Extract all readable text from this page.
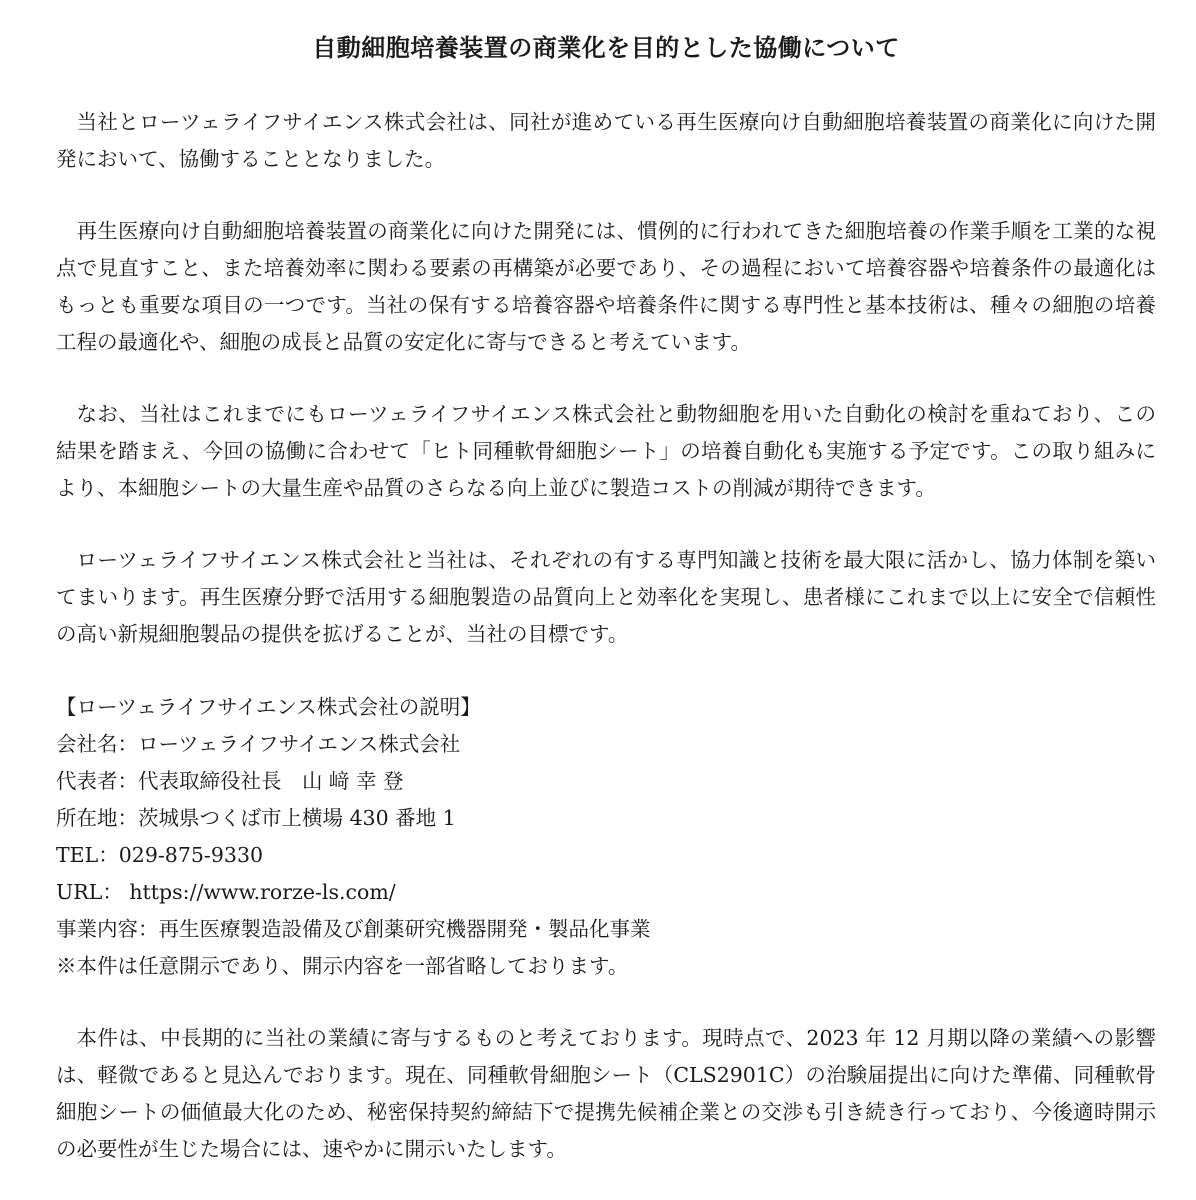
自動細胞培養装置の商業化を目的とした協働について

当社とローツェライフサイエンス株式会社は、同社が進めている再生医療向け自動細胞培養装置の商業化に向けた開発において、協働することとなりました。

再生医療向け自動細胞培養装置の商業化に向けた開発には、慣例的に行われてきた細胞培養の作業手順を工業的な視点で見直すこと、また培養効率に関わる要素の再構築が必要であり、その過程において培養容器や培養条件の最適化はもっとも重要な項目の一つです。当社の保有する培養容器や培養条件に関する専門性と基本技術は、種々の細胞の培養工程の最適化や、細胞の成長と品質の安定化に寄与できると考えています。

なお、当社はこれまでにもローツェライフサイエンス株式会社と動物細胞を用いた自動化の検討を重ねており、この結果を踏まえ、今回の協働に合わせて「ヒト同種軟骨細胞シート」の培養自動化も実施する予定です。この取り組みにより、本細胞シートの大量生産や品質のさらなる向上並びに製造コストの削減が期待できます。

ローツェライフサイエンス株式会社と当社は、それぞれの有する専門知識と技術を最大限に活かし、協力体制を築いてまいります。再生医療分野で活用する細胞製造の品質向上と効率化を実現し、患者様にこれまで以上に安全で信頼性の高い新規細胞製品の提供を拡げることが、当社の目標です。

【ローツェライフサイエンス株式会社の説明】
会社名：ローツェライフサイエンス株式会社
代表者：代表取締役社長　山 﨑 幸 登
所在地：茨城県つくば市上横場 430 番地 1
TEL：029-875-9330
URL： https://www.rorze-ls.com/
事業内容：再生医療製造設備及び創薬研究機器開発・製品化事業
※本件は任意開示であり、開示内容を一部省略しております。

本件は、中長期的に当社の業績に寄与するものと考えております。現時点で、2023 年 12 月期以降の業績への影響は、軽微であると見込んでおります。現在、同種軟骨細胞シート（CLS2901C）の治験届提出に向けた準備、同種軟骨細胞シートの価値最大化のため、秘密保持契約締結下で提携先候補企業との交渉も引き続き行っており、今後適時開示の必要性が生じた場合には、速やかに開示いたします。
